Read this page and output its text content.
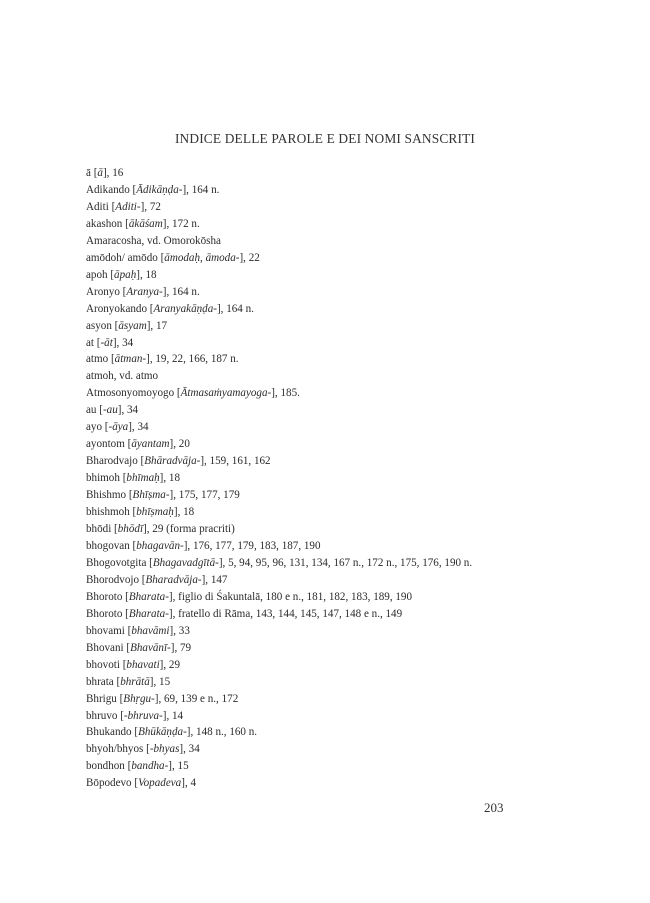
INDICE DELLE PAROLE E DEI NOMI SANSCRITI
ā [ā], 16
Adikando [Ādikāṇḍa-], 164 n.
Aditi [Aditi-], 72
akashon [ākāśam], 172 n.
Amaracosha, vd. Omorokōsha
amōdoh/ amōdo [āmodaḥ, āmoda-], 22
apoh [āpaḥ], 18
Aronyo [Aranya-], 164 n.
Aronyokando [Aranyakāṇḍa-], 164 n.
asyon [āsyam], 17
at [-āt], 34
atmo [ātman-], 19, 22, 166, 187 n.
atmoh, vd. atmo
Atmosonyomoyogo [Ātmasaṁyamayoga-], 185.
au [-au], 34
ayo [-āya], 34
ayontom [āyantam], 20
Bharodvajo [Bhāradvāja-], 159, 161, 162
bhimoh [bhīmaḥ], 18
Bhishmo [Bhīṣma-], 175, 177, 179
bhishmoh [bhīṣmaḥ], 18
bhōdi [bhōdī], 29 (forma pracriti)
bhogovan [bhagavān-], 176, 177, 179, 183, 187, 190
Bhogovotgita [Bhagavadgītā-], 5, 94, 95, 96, 131, 134, 167 n., 172 n., 175, 176, 190 n.
Bhorodvojo [Bharadvāja-], 147
Bhoroto [Bharata-], figlio di Śakuntalā, 180 e n., 181, 182, 183, 189, 190
Bhoroto [Bharata-], fratello di Rāma, 143, 144, 145, 147, 148 e n., 149
bhovami [bhavāmi], 33
Bhovani [Bhavānī-], 79
bhovoti [bhavati], 29
bhrata [bhrātā], 15
Bhrigu [Bhṛgu-], 69, 139 e n., 172
bhruvo [-bhruva-], 14
Bhukando [Bhūkāṇḍa-], 148 n., 160 n.
bhyoh/bhyos [-bhyas], 34
bondhon [bandha-], 15
Bōpodevo [Vopadeva], 4
203
